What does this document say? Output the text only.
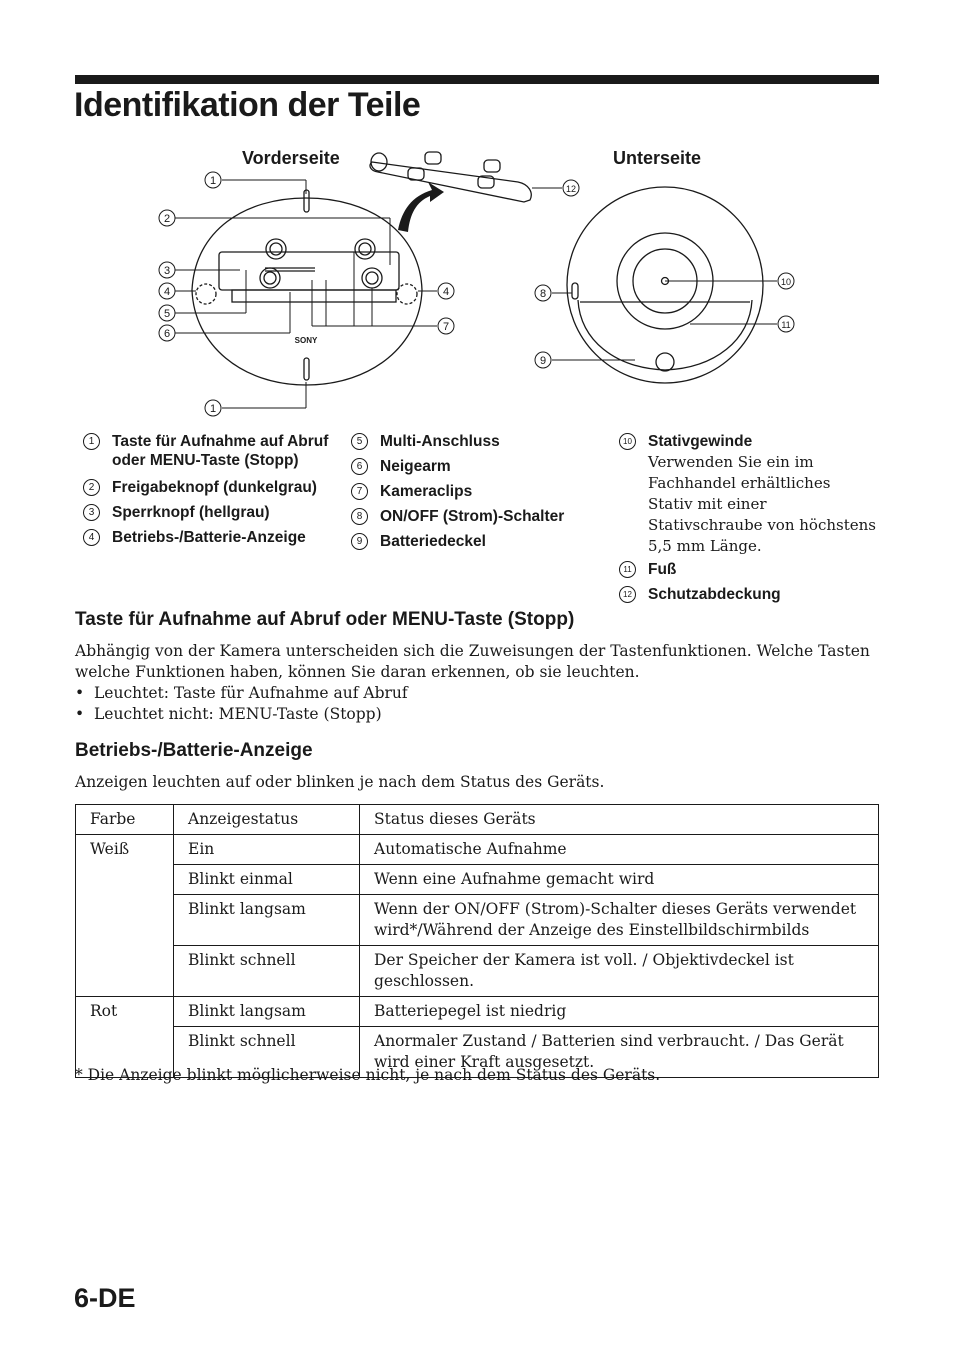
Identifikation der Teile
SONY
Vorderseite	Unterseite
1
2
3
4
5
6
7
1
4	8
9
10
11
12
1	Taste für Aufnahme auf Abruf oder MENU-Taste (Stopp)
2	Freigabeknopf (dunkelgrau)
3	Sperrknopf (hellgrau)
4	Betriebs-/Batterie-Anzeige
5	Multi-Anschluss
6	Neigearm
7	Kameraclips
8	ON/OFF (Strom)-Schalter
9	Batteriedeckel
10 Stativgewinde
Verwenden Sie ein im Fachhandel erhältliches Stativ mit einer Stativschraube von höchstens 5,5 mm Länge.
11 Fuß
12 Schutzabdeckung
Taste für Aufnahme auf Abruf oder MENU-Taste (Stopp)
Abhängig von der Kamera unterscheiden sich die Zuweisungen der Tastenfunktionen. Welche Tasten welche Funktionen haben, können Sie daran erkennen, ob sie leuchten.
•  Leuchtet: Taste für Aufnahme auf Abruf
•  Leuchtet nicht: MENU-Taste (Stopp)
Betriebs-/Batterie-Anzeige
Anzeigen leuchten auf oder blinken je nach dem Status des Geräts.
Farbe	Anzeigestatus	Status dieses Geräts
Weiß	Ein	Automatische Aufnahme
	Blinkt einmal	Wenn eine Aufnahme gemacht wird
	Blinkt langsam	Wenn der ON/OFF (Strom)-Schalter dieses Geräts verwendet wird*/Während der Anzeige des Einstellbildschirmbilds
	Blinkt schnell	Der Speicher der Kamera ist voll. / Objektivdeckel ist geschlossen.
Rot	Blinkt langsam	Batteriepegel ist niedrig
	Blinkt schnell	Anormaler Zustand / Batterien sind verbraucht. / Das Gerät wird einer Kraft ausgesetzt.
* Die Anzeige blinkt möglicherweise nicht, je nach dem Status des Geräts.
6-DE
